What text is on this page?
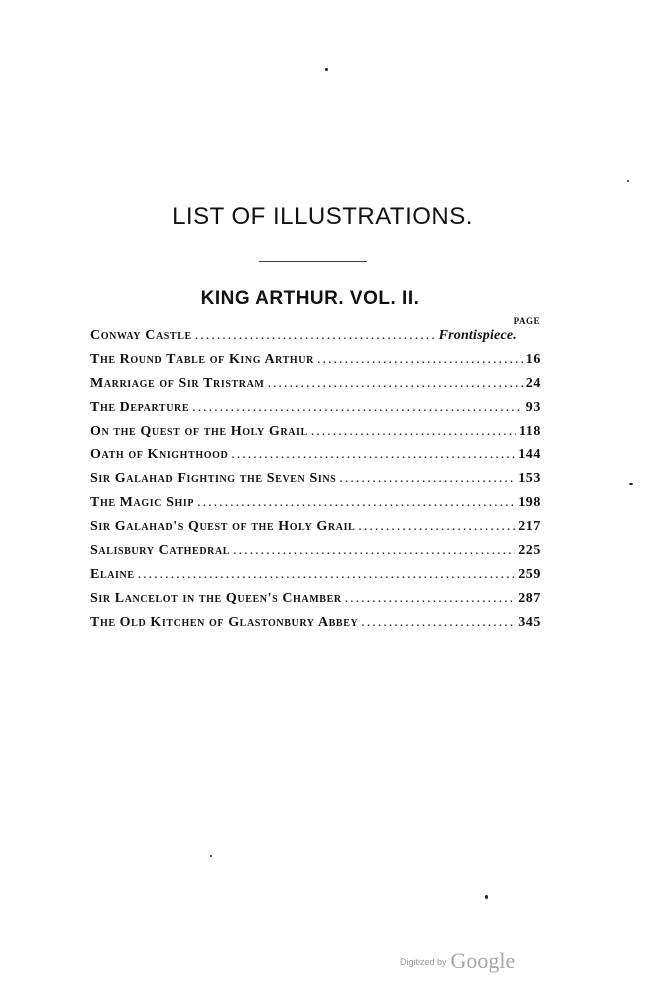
LIST OF ILLUSTRATIONS.
KING ARTHUR. VOL. II.
PAGE
Conway Castle .....	Frontispiece.
The Round Table of King Arthur .....	16
Marriage of Sir Tristram .....	24
The Departure .....	93
On the Quest of the Holy Grail .....	118
Oath of Knighthood .....	144
Sir Galahad Fighting the Seven Sins .....	153
The Magic Ship .....	198
Sir Galahad's Quest of the Holy Grail .....	217
Salisbury Cathedral .....	225
Elaine .....	259
Sir Lancelot in the Queen's Chamber .....	287
The Old Kitchen of Glastonbury Abbey .....	345
Digitized by Google
